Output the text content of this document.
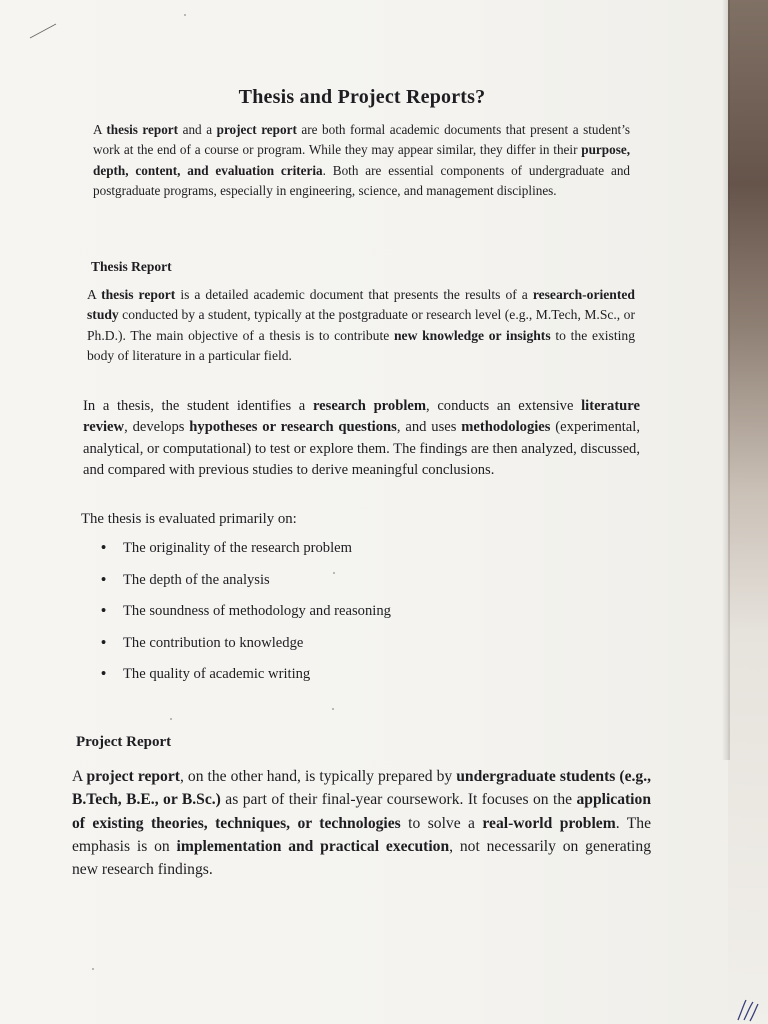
Thesis and Project Reports?

A thesis report and a project report are both formal academic documents that present a student’s work at the end of a course or program. While they may appear similar, they differ in their purpose, depth, content, and evaluation criteria. Both are essential components of undergraduate and postgraduate programs, especially in engineering, science, and management disciplines.

Thesis Report

A thesis report is a detailed academic document that presents the results of a research-oriented study conducted by a student, typically at the postgraduate or research level (e.g., M.Tech, M.Sc., or Ph.D.). The main objective of a thesis is to contribute new knowledge or insights to the existing body of literature in a particular field.

In a thesis, the student identifies a research problem, conducts an extensive literature review, develops hypotheses or research questions, and uses methodologies (experimental, analytical, or computational) to test or explore them. The findings are then analyzed, discussed, and compared with previous studies to derive meaningful conclusions.

The thesis is evaluated primarily on:
• The originality of the research problem
• The depth of the analysis
• The soundness of methodology and reasoning
• The contribution to knowledge
• The quality of academic writing
Project Report

A project report, on the other hand, is typically prepared by undergraduate students (e.g., B.Tech, B.E., or B.Sc.) as part of their final-year coursework. It focuses on the application of existing theories, techniques, or technologies to solve a real-world problem. The emphasis is on implementation and practical execution, not necessarily on generating new research findings.
